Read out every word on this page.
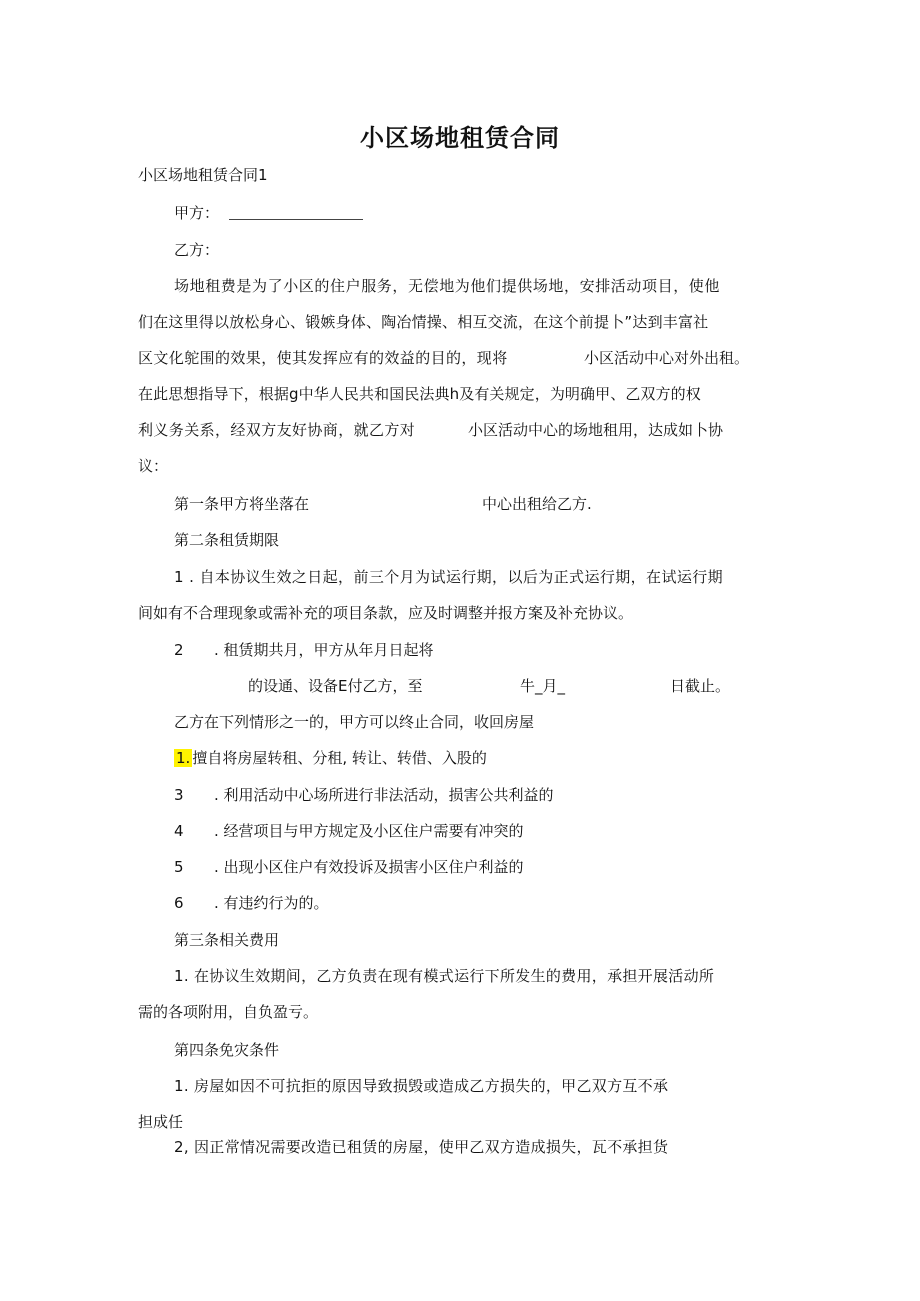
小区场地租赁合同
小区场地租赁合同1
甲方：
乙方：
场地租费是为了小区的住户服务，无偿地为他们提供场地，安排活动项目，使他
们在这里得以放松身心、锻嫉身体、陶冶情操、相互交流，在这个前提卜”达到丰富社
区文化鸵围的效果，使其发挥应有的效益的目的，现将	小区活动中心对外出租。
在此思想指导下，根据g中华人民共和国民法典h及有关规定，为明确甲、乙双方的权
利义务关系，经双方友好协商，就乙方对	小区活动中心的场地租用，达成如卜协
议：
第一条甲方将坐落在	中心出租给乙方.
第二条租赁期限
1 . 自本协议生效之日起，前三个月为试运行期，以后为正式运行期，在试运行期
间如有不合理现象或需补充的项目条款，应及时调整并报方案及补充协议。
2 . 租赁期共月，甲方从年月日起将
的设通、设备E付乙方，至	牛_月_	日截止。
乙方在下列情形之一的，甲方可以终止合同，收回房屋
1. 擅自将房屋转租、分租, 转让、转借、入股的
3 . 利用活动中心场所进行非法活动，损害公共利益的
4 . 经营项目与甲方规定及小区住户需要有冲突的
5 . 出现小区住户有效投诉及损害小区住户利益的
6 . 有违约行为的。
第三条相关费用
1. 在协议生效期间，乙方负责在现有模式运行下所发生的费用，承担开展活动所
需的各项附用，自负盈亏。
第四条免灾条件
1. 房屋如因不可抗拒的原因导致损毁或造成乙方损失的，甲乙双方互不承
担成任
2, 因正常情况需要改造已租赁的房屋，使甲乙双方造成损失，瓦不承担货
